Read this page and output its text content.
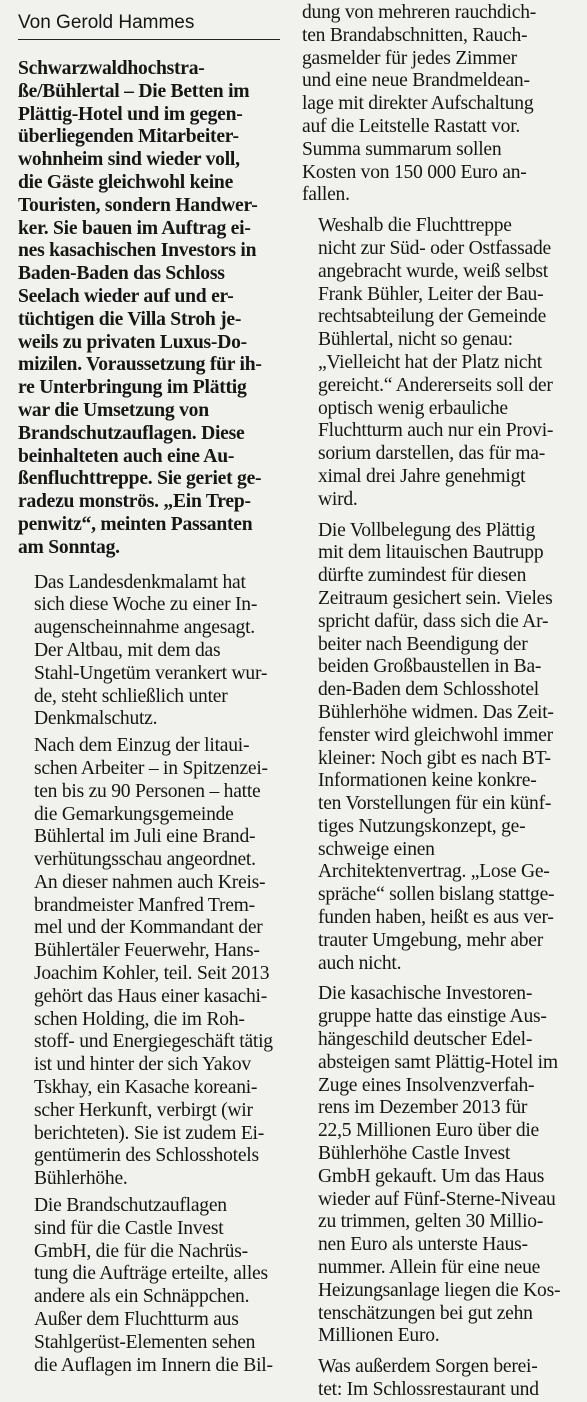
Von Gerold Hammes
Schwarzwaldhochstra-
ße/Bühlertal – Die Betten im
Plättig-Hotel und im gegen-
überliegenden Mitarbeiter-
wohnheim sind wieder voll,
die Gäste gleichwohl keine
Touristen, sondern Handwer-
ker. Sie bauen im Auftrag ei-
nes kasachischen Investors in
Baden-Baden das Schloss
Seelach wieder auf und er-
tüchtigen die Villa Stroh je-
weils zu privaten Luxus-Do-
mizilen. Voraussetzung für ih-
re Unterbringung im Plättig
war die Umsetzung von
Brandschutzauflagen. Diese
beinhalteten auch eine Au-
ßenfluchttreppe. Sie geriet ge-
radezu monströs. „Ein Trep-
penwitz“, meinten Passanten
am Sonntag.

Das Landesdenkmalamt hat
sich diese Woche zu einer In-
augenscheinnahme angesagt.
Der Altbau, mit dem das
Stahl-Ungetüm verankert wur-
de, steht schließlich unter
Denkmalschutz.

Nach dem Einzug der litaui-
schen Arbeiter – in Spitzenzei-
ten bis zu 90 Personen – hatte
die Gemarkungsgemeinde
Bühlertal im Juli eine Brand-
verhütungsschau angeordnet.
An dieser nahmen auch Kreis-
brandmeister Manfred Trem-
mel und der Kommandant der
Bühlertäler Feuerwehr, Hans-
Joachim Kohler, teil. Seit 2013
gehört das Haus einer kasachi-
schen Holding, die im Roh-
stoff- und Energiegeschäft tätig
ist und hinter der sich Yakov
Tskhay, ein Kasache koreani-
scher Herkunft, verbirgt (wir
berichteten). Sie ist zudem Ei-
gentümerin des Schlosshotels
Bühlerhöhe.

Die Brandschutzauflagen
sind für die Castle Invest
GmbH, die für die Nachrüs-
tung die Aufträge erteilte, alles
andere als ein Schnäppchen.
Außer dem Fluchtturm aus
Stahlgerüst-Elementen sehen
die Auflagen im Innern die Bil-

dung von mehreren rauchdich-
ten Brandabschnitten, Rauch-
gasmelder für jedes Zimmer
und eine neue Brandmeldean-
lage mit direkter Aufschaltung
auf die Leitstelle Rastatt vor.
Summa summarum sollen
Kosten von 150 000 Euro an-
fallen.

Weshalb die Fluchttreppe
nicht zur Süd- oder Ostfassade
angebracht wurde, weiß selbst
Frank Bühler, Leiter der Bau-
rechtsabteilung der Gemeinde
Bühlertal, nicht so genau:
„Vielleicht hat der Platz nicht
gereicht.“ Andererseits soll der
optisch wenig erbauliche
Fluchtturm auch nur ein Provi-
sorium darstellen, das für ma-
ximal drei Jahre genehmigt
wird.

Die Vollbelegung des Plättig
mit dem litauischen Bautrupp
dürfte zumindest für diesen
Zeitraum gesichert sein. Vieles
spricht dafür, dass sich die Ar-
beiter nach Beendigung der
beiden Großbaustellen in Ba-
den-Baden dem Schlosshotel
Bühlerhöhe widmen. Das Zeit-
fenster wird gleichwohl immer
kleiner: Noch gibt es nach BT-
Informationen keine konkre-
ten Vorstellungen für ein künf-
tiges Nutzungskonzept, ge-
schweige einen
Architektenvertrag. „Lose Ge-
spräche“ sollen bislang stattge-
funden haben, heißt es aus ver-
trauter Umgebung, mehr aber
auch nicht.

Die kasachische Investoren-
gruppe hatte das einstige Aus-
hängeschild deutscher Edel-
absteigen samt Plättig-Hotel im
Zuge eines Insolvenzverfah-
rens im Dezember 2013 für
22,5 Millionen Euro über die
Bühlerhöhe Castle Invest
GmbH gekauft. Um das Haus
wieder auf Fünf-Sterne-Niveau
zu trimmen, gelten 30 Milliо-
nen Euro als unterste Haus-
nummer. Allein für eine neue
Heizungsanlage liegen die Kos-
tenschätzungen bei gut zehn
Millionen Euro.

Was außerdem Sorgen berei-
tet: Im Schlossrestaurant und
